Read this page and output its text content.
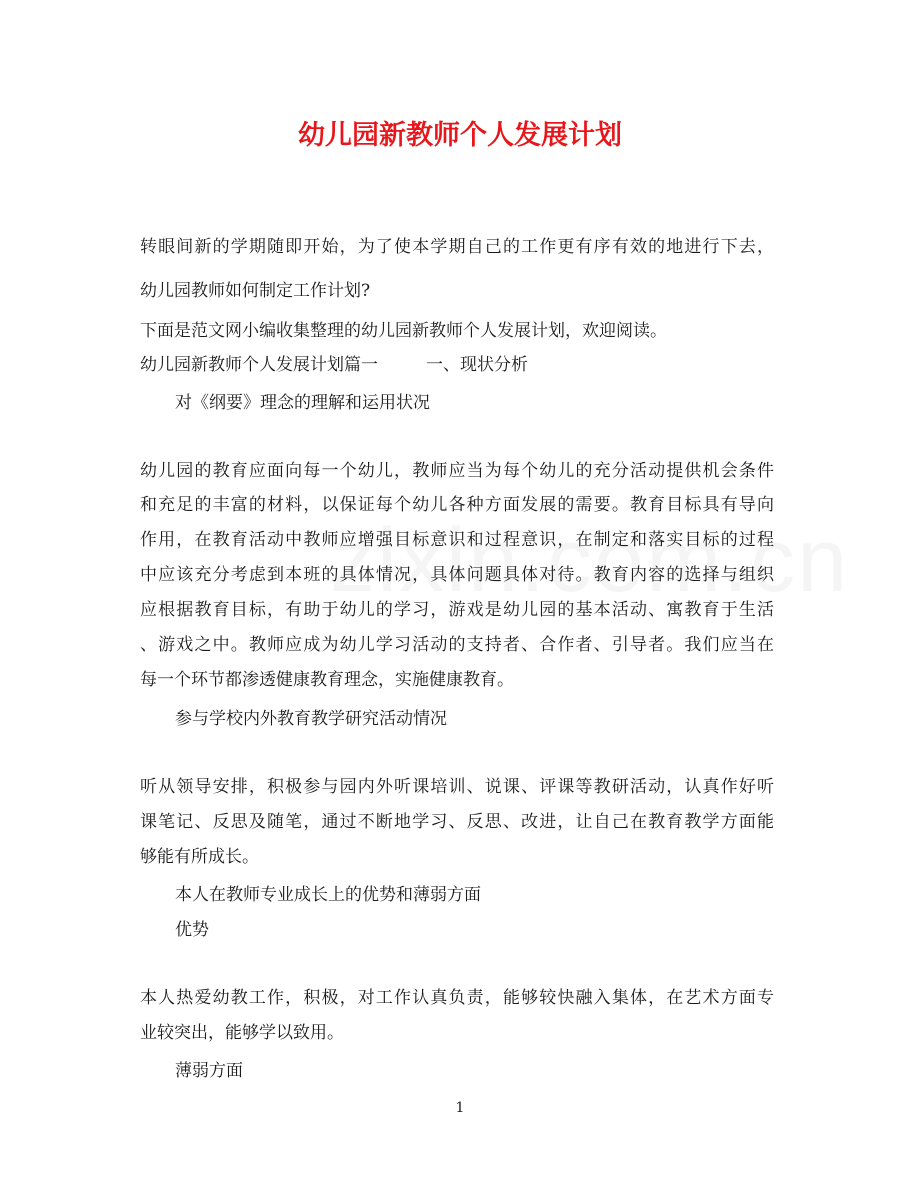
幼儿园新教师个人发展计划
转眼间新的学期随即开始，为了使本学期自己的工作更有序有效的地进行下去，
幼儿园教师如何制定工作计划?
下面是范文网小编收集整理的幼儿园新教师个人发展计划，欢迎阅读。
幼儿园新教师个人发展计划篇一	一、现状分析
对《纲要》理念的理解和运用状况
幼儿园的教育应面向每一个幼儿，教师应当为每个幼儿的充分活动提供机会条件
和充足的丰富的材料，以保证每个幼儿各种方面发展的需要。教育目标具有导向
作用，在教育活动中教师应增强目标意识和过程意识，在制定和落实目标的过程
中应该充分考虑到本班的具体情况，具体问题具体对待。教育内容的选择与组织
应根据教育目标，有助于幼儿的学习，游戏是幼儿园的基本活动、寓教育于生活
、游戏之中。教师应成为幼儿学习活动的支持者、合作者、引导者。我们应当在
每一个环节都渗透健康教育理念，实施健康教育。
参与学校内外教育教学研究活动情况
听从领导安排，积极参与园内外听课培训、说课、评课等教研活动，认真作好听
课笔记、反思及随笔，通过不断地学习、反思、改进，让自己在教育教学方面能
够能有所成长。
本人在教师专业成长上的优势和薄弱方面
优势
本人热爱幼教工作，积极，对工作认真负责，能够较快融入集体，在艺术方面专
业较突出，能够学以致用。
薄弱方面
1
